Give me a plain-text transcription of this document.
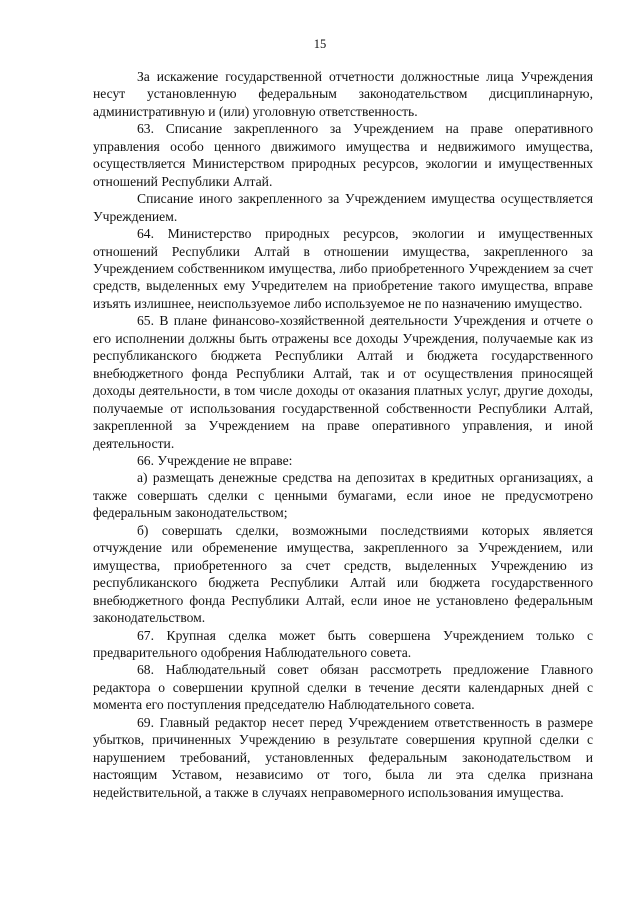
15

За искажение государственной отчетности должностные лица Учреждения несут установленную федеральным законодательством дисциплинарную, административную и (или) уголовную ответственность.

63. Списание закрепленного за Учреждением на праве оперативного управления особо ценного движимого имущества и недвижимого имущества, осуществляется Министерством природных ресурсов, экологии и имущественных отношений Республики Алтай.

Списание иного закрепленного за Учреждением имущества осуществляется Учреждением.

64. Министерство природных ресурсов, экологии и имущественных отношений Республики Алтай в отношении имущества, закрепленного за Учреждением собственником имущества, либо приобретенного Учреждением за счет средств, выделенных ему Учредителем на приобретение такого имущества, вправе изъять излишнее, неиспользуемое либо используемое не по назначению имущество.

65. В плане финансово-хозяйственной деятельности Учреждения и отчете о его исполнении должны быть отражены все доходы Учреждения, получаемые как из республиканского бюджета Республики Алтай и бюджета государственного внебюджетного фонда Республики Алтай, так и от осуществления приносящей доходы деятельности, в том числе доходы от оказания платных услуг, другие доходы, получаемые от использования государственной собственности Республики Алтай, закрепленной за Учреждением на праве оперативного управления, и иной деятельности.

66. Учреждение не вправе:

а) размещать денежные средства на депозитах в кредитных организациях, а также совершать сделки с ценными бумагами, если иное не предусмотрено федеральным законодательством;

б) совершать сделки, возможными последствиями которых является отчуждение или обременение имущества, закрепленного за Учреждением, или имущества, приобретенного за счет средств, выделенных Учреждению из республиканского бюджета Республики Алтай или бюджета государственного внебюджетного фонда Республики Алтай, если иное не установлено федеральным законодательством.

67. Крупная сделка может быть совершена Учреждением только с предварительного одобрения Наблюдательного совета.

68. Наблюдательный совет обязан рассмотреть предложение Главного редактора о совершении крупной сделки в течение десяти календарных дней с момента его поступления председателю Наблюдательного совета.

69. Главный редактор несет перед Учреждением ответственность в размере убытков, причиненных Учреждению в результате совершения крупной сделки с нарушением требований, установленных федеральным законодательством и настоящим Уставом, независимо от того, была ли эта сделка признана недействительной, а также в случаях неправомерного использования имущества.
